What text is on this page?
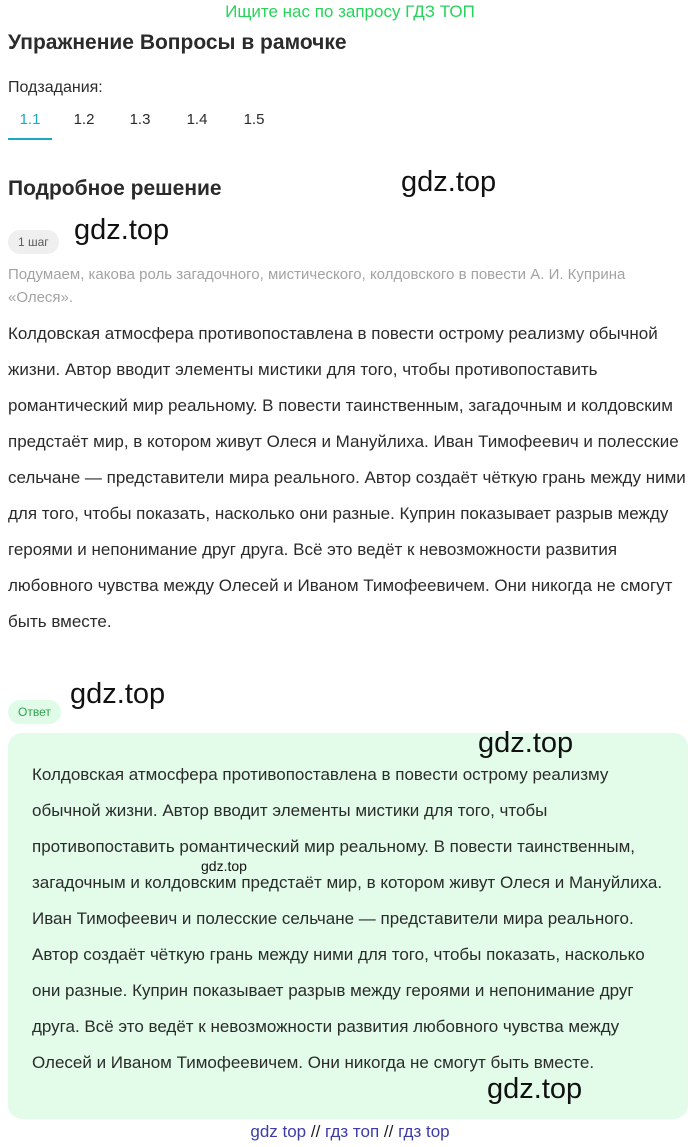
Ищите нас по запросу ГДЗ ТОП
Упражнение Вопросы в рамочке
Подзадания:
1.1	1.2	1.3	1.4	1.5
Подробное решение	gdz.top
1 шаг gdz.top
Подумаем, какова роль загадочного, мистического, колдовского в повести А. И. Куприна «Олеся».
Колдовская атмосфера противопоставлена в повести острому реализму обычной жизни. Автор вводит элементы мистики для того, чтобы противопоставить романтический мир реальному. В повести таинственным, загадочным и колдовским предстаёт мир, в котором живут Олеся и Мануйлиха. Иван Тимофеевич и полесские сельчане — представители мира реального. Автор создаёт чёткую грань между ними для того, чтобы показать, насколько они разные. Куприн показывает разрыв между героями и непонимание друг друга. Всё это ведёт к невозможности развития любовного чувства между Олесей и Иваном Тимофеевичем. Они никогда не смогут быть вместе.
Ответ
gdz.top
Колдовская атмосфера противопоставлена в повести острому реализму обычной жизни. Автор вводит элементы мистики для того, чтобы противопоставить романтический мир реальному. В повести таинственным, загадочным и колдовским предстаёт мир, в котором живут Олеся и Мануйлиха. Иван Тимофеевич и полесские сельчане — представители мира реального. Автор создаёт чёткую грань между ними для того, чтобы показать, насколько они разные. Куприн показывает разрыв между героями и непонимание друг друга. Всё это ведёт к невозможности развития любовного чувства между Олесей и Иваном Тимофеевичем. Они никогда не смогут быть вместе.
gdz.top
gdz.top
gdz.top
gdz top // гдз топ // гдз top
